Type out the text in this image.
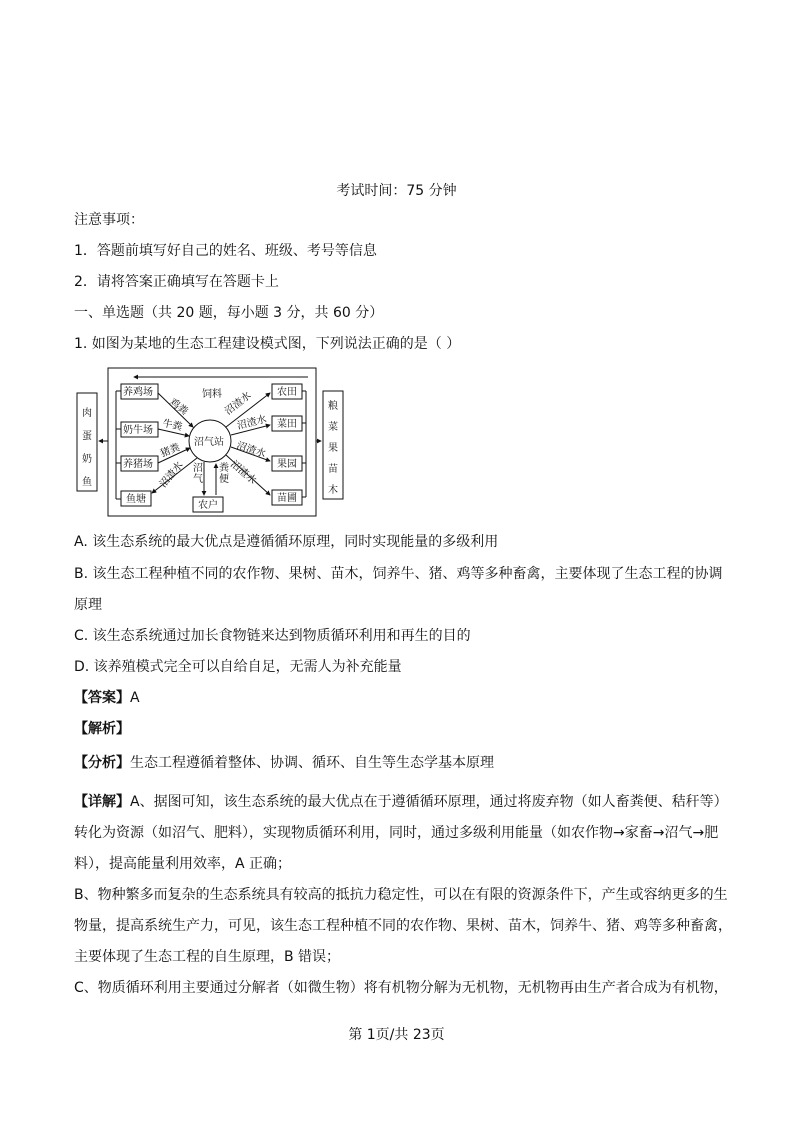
考试时间：75 分钟
注意事项：
1．答题前填写好自己的姓名、班级、考号等信息
2．请将答案正确填写在答题卡上
一、单选题（共 20 题，每小题 3 分，共 60 分）
1. 如图为某地的生态工程建设模式图，下列说法正确的是（ ）
肉
蛋
奶
鱼
粮
菜
果
苗
木
饲料
养鸡场
奶牛场
养猪场
鱼塘
农田
菜田
果园
苗圃
沼气站
农户
鸡粪
牛粪
猪粪
沼渣水 沼 气
粪 便
沼渣水
沼渣水
沼渣水
沼渣水
A. 该生态系统的最大优点是遵循循环原理，同时实现能量的多级利用
B. 该生态工程种植不同的农作物、果树、苗木，饲养牛、猪、鸡等多种畜禽，主要体现了生态工程的协调
原理
C. 该生态系统通过加长食物链来达到物质循环利用和再生的目的
D. 该养殖模式完全可以自给自足，无需人为补充能量
【答案】A
【解析】
【分析】生态工程遵循着整体、协调、循环、自生等生态学基本原理
【详解】A、据图可知，该生态系统的最大优点在于遵循循环原理，通过将废弃物（如人畜粪便、秸秆等）
转化为资源（如沼气、肥料），实现物质循环利用，同时，通过多级利用能量（如农作物→家畜→沼气→肥
料），提高能量利用效率，A 正确；
B、物种繁多而复杂的生态系统具有较高的抵抗力稳定性，可以在有限的资源条件下，产生或容纳更多的生
物量，提高系统生产力，可见，该生态工程种植不同的农作物、果树、苗木，饲养牛、猪、鸡等多种畜禽，
主要体现了生态工程的自生原理，B 错误；
C、物质循环利用主要通过分解者（如微生物）将有机物分解为无机物，无机物再由生产者合成为有机物，
第 1页/共 23页
